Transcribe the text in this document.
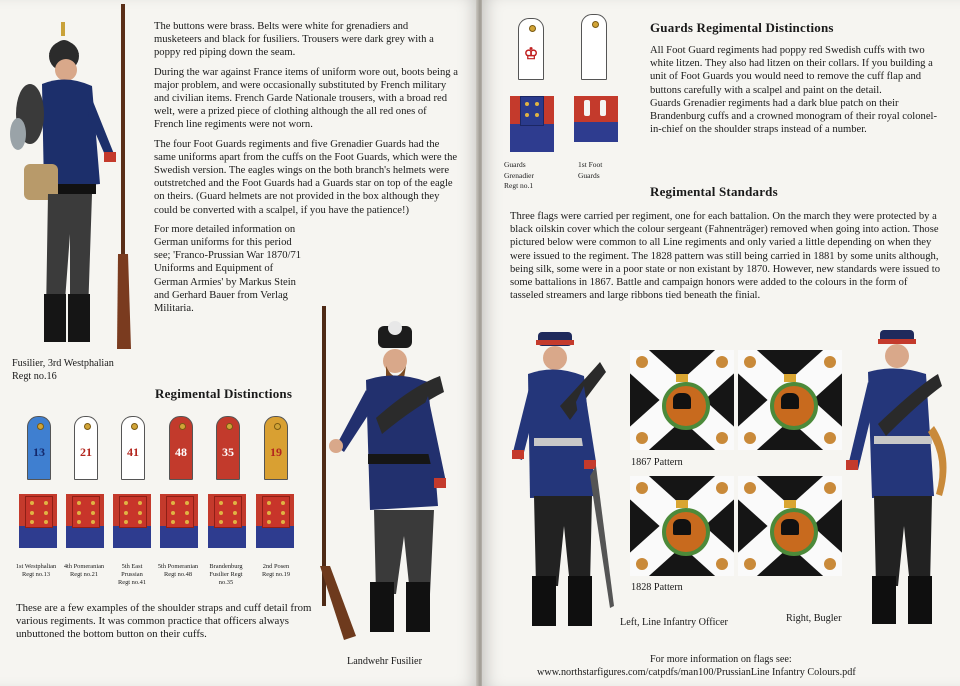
The buttons were brass. Belts were white for grenadiers and musketeers and black for fusiliers. Trousers were dark grey with a poppy red piping down the seam.

During the war against France items of uniform wore out, boots being a major problem, and were occasionally substituted by French military and civilian items. French Garde Nationale trousers, with a broad red welt, were a prized piece of clothing although the all red ones of French line regiments were not worn.

The four Foot Guards regiments and five Grenadier Guards had the same uniforms apart from the cuffs on the Foot Guards, which were the Swedish version. The eagles wings on the both branch's helmets were outstretched and the Foot Guards had a Guards star on top of the eagle on theirs. (Guard helmets are not provided in the box although they could be converted with a scalpel, if you have the patience!)

For more detailed information on German uniforms for this period see; 'Franco-Prussian War 1870/71 Uniforms and Equipment of German Armies' by Markus Stein and Gerhard Bauer from Verlag Militaria.

Fusilier, 3rd Westphalian
Regt no.16
Regimental Distinctions
13	21	41	48	35	19
1st Westphalian
Regt no.13
4th Pomeranian
Regt no.21
5th East
Prussian
Regt no.41
5th Pomeranian
Regt no.48
Brandenburg
Fusilier Regt
no.35
2nd Posen
Regt no.19
These are a few examples of the shoulder straps and cuff detail from various regiments. It was common practice that officers always unbuttoned the bottom button on their cuffs.
Landwehr Fusilier
♔
Guards
Grenadier
Regt no.1
1st Foot
Guards
Guards Regimental Distinctions

All Foot Guard regiments had poppy red Swedish cuffs with two white litzen. They also had litzen on their collars. If you building a unit of Foot Guards you would need to remove the cuff flap and buttons carefully with a scalpel and paint on the detail.

Guards Grenadier regiments had a dark blue patch on their Brandenburg cuffs and a crowned monogram of their royal colonel-in-chief on the shoulder straps instead of a number.

Regimental Standards
Three flags were carried per regiment, one for each battalion. On the march they were protected by a black oilskin cover which the colour sergeant (Fahnenträger) removed when going into action. Those pictured below were common to all Line regiments and only varied a little depending on when they were issued to the regiment. The 1828 pattern was still being carried in 1881 by some units although, being silk, some were in a poor state or non existant by 1870. However, new standards were issued to some battalions in 1867. Battle and campaign honors were added to the colours in the form of tasseled streamers and large ribbons tied beneath the finial.
Left, Line Infantry Officer
1867 Pattern
1828 Pattern
Right, Bugler
For more information on flags see:
www.northstarfigures.com/catpdfs/man100/PrussianLine Infantry Colours.pdf
